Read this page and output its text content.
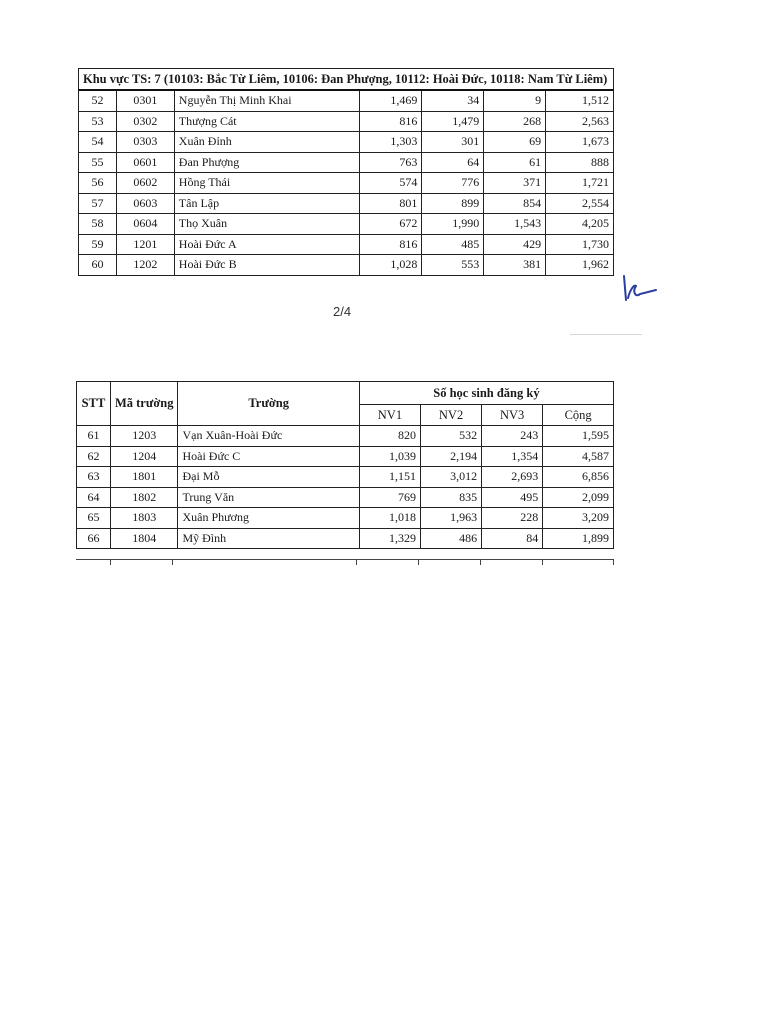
Khu vực TS: 7 (10103: Bắc Từ Liêm, 10106: Đan Phượng, 10112: Hoài Đức, 10118: Nam Từ Liêm)						
52	0301	Nguyễn Thị Minh Khai	1,469	34	9	1,512
53	0302	Thượng Cát	816	1,479	268	2,563
54	0303	Xuân Đỉnh	1,303	301	69	1,673
55	0601	Đan Phượng	763	64	61	888
56	0602	Hồng Thái	574	776	371	1,721
57	0603	Tân Lập	801	899	854	2,554
58	0604	Thọ Xuân	672	1,990	1,543	4,205
59	1201	Hoài Đức A	816	485	429	1,730
60	1202	Hoài Đức B	1,028	553	381	1,962
2/4
STT	Mã trường	Trường	Số học sinh đăng ký			
			NV1	NV2	NV3	Cộng
61	1203	Vạn Xuân-Hoài Đức	820	532	243	1,595
62	1204	Hoài Đức C	1,039	2,194	1,354	4,587
63	1801	Đại Mỗ	1,151	3,012	2,693	6,856
64	1802	Trung Văn	769	835	495	2,099
65	1803	Xuân Phương	1,018	1,963	228	3,209
66	1804	Mỹ Đình	1,329	486	84	1,899
